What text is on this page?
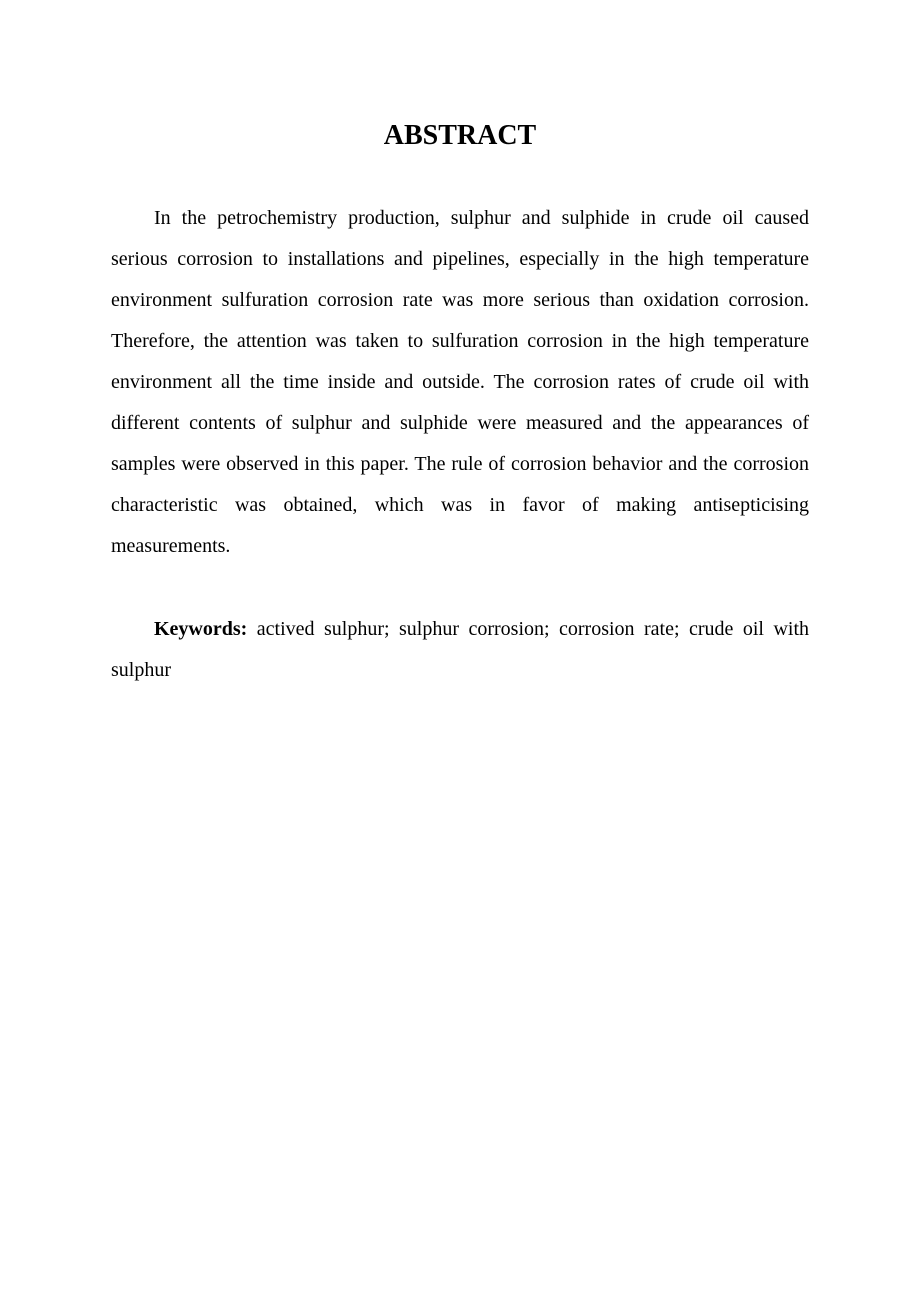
ABSTRACT

In the petrochemistry production, sulphur and sulphide in crude oil caused serious corrosion to installations and pipelines, especially in the high temperature environment sulfuration corrosion rate was more serious than oxidation corrosion. Therefore, the attention was taken to sulfuration corrosion in the high temperature environment all the time inside and outside. The corrosion rates of crude oil with different contents of sulphur and sulphide were measured and the appearances of samples were observed in this paper. The rule of corrosion behavior and the corrosion characteristic was obtained, which was in favor of making antisepticising measurements.

Keywords: actived sulphur; sulphur corrosion; corrosion rate; crude oil with sulphur
